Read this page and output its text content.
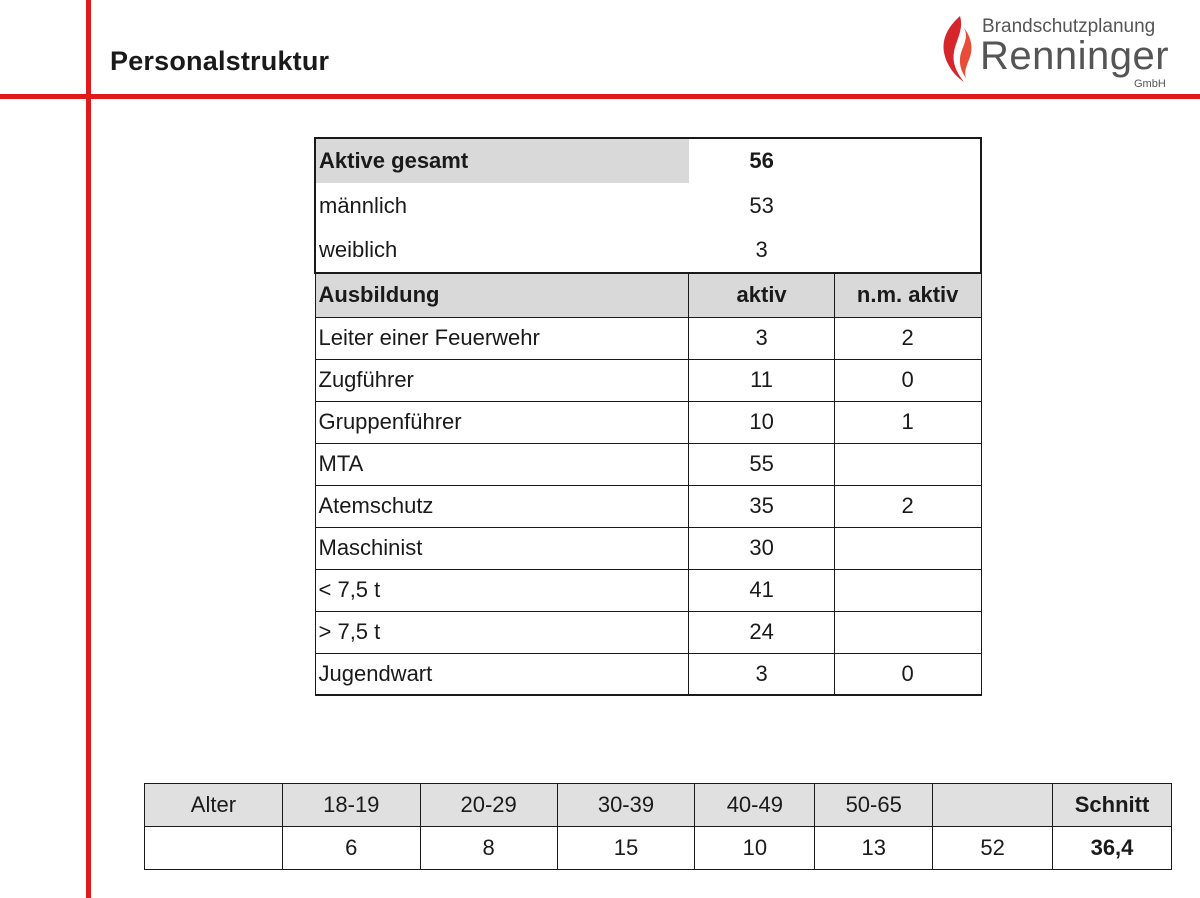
Personalstruktur
Brandschutzplanung
Renninger
GmbH
Aktive gesamt	56	
männlich	53	
weiblich	3	
Ausbildung	aktiv	n.m. aktiv
Leiter einer Feuerwehr	3	2
Zugführer	11	0
Gruppenführer	10	1
MTA	55	
Atemschutz	35	2
Maschinist	30	
< 7,5 t	41	
> 7,5 t	24	
Jugendwart	3	0
Alter	18-19	20-29	30-39	40-49	50-65		Schnitt
	6	8	15	10	13	52	36,4
